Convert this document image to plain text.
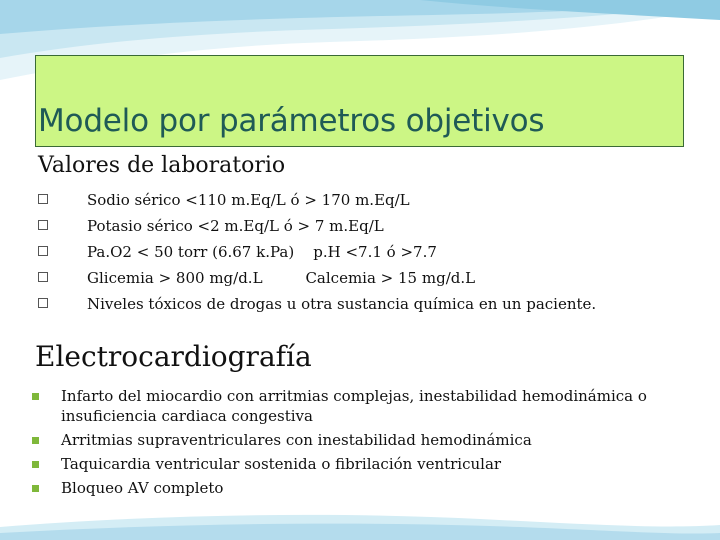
Modelo por parámetros objetivos
Valores de laboratorio
Sodio sérico <110 m.Eq/L ó > 170 m.Eq/L
Potasio sérico <2 m.Eq/L ó > 7 m.Eq/L
Pa.O2 < 50 torr (6.67 k.Pa)    p.H <7.1 ó >7.7
Glicemia > 800 mg/d.L         Calcemia > 15 mg/d.L
Niveles tóxicos de drogas u otra sustancia química en un paciente.
Electrocardiografía
Infarto del miocardio con arritmias complejas, inestabilidad hemodinámica o insuficiencia cardiaca congestiva
Arritmias supraventriculares con inestabilidad hemodinámica
Taquicardia ventricular sostenida o fibrilación ventricular
Bloqueo AV completo
